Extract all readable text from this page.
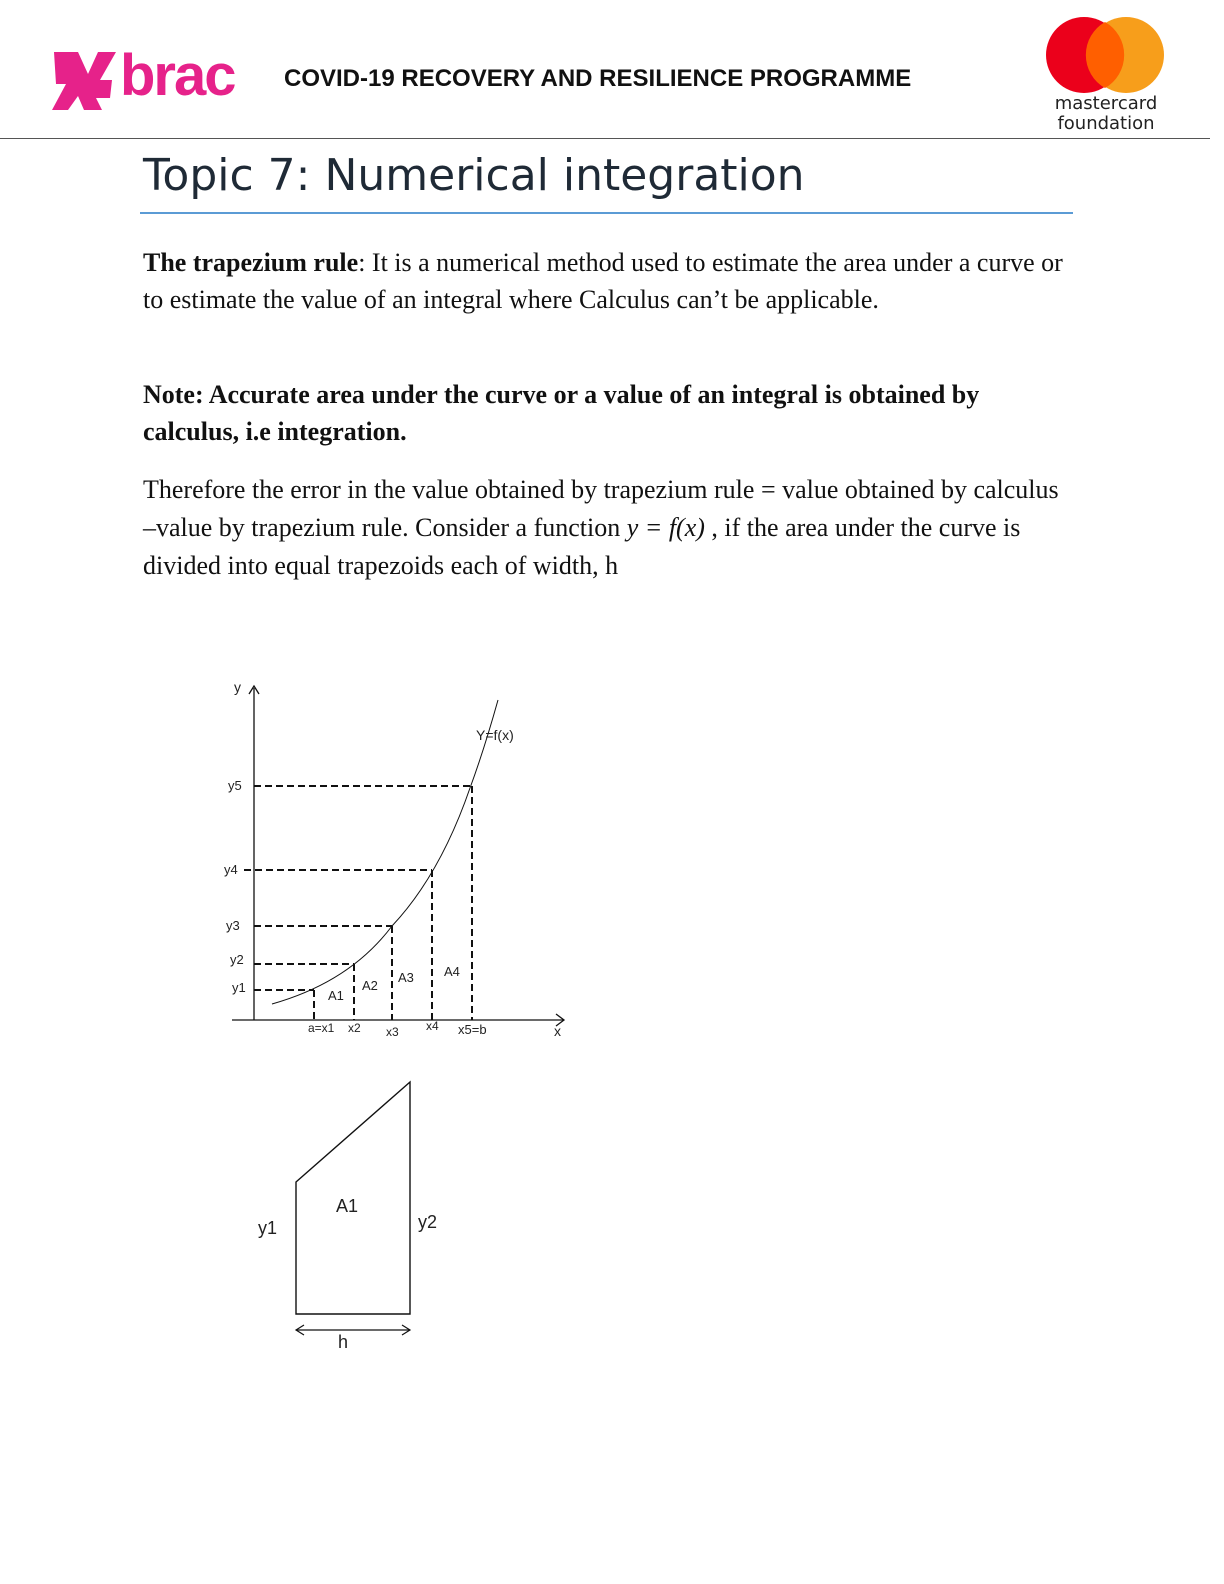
brac COVID-19 RECOVERY AND RESILIENCE PROGRAMME
mastercard
foundation
Topic 7: Numerical integration
The trapezium rule: It is a numerical method used to estimate the area under a curve or to estimate the value of an integral where Calculus can’t be applicable.
Note: Accurate area under the curve or a value of an integral is obtained by calculus, i.e integration.
Therefore the error in the value obtained by trapezium rule = value obtained by calculus –value by trapezium rule. Consider a function y = f(x) , if the area under the curve is divided into equal trapezoids each of width, h
y
x
Y=f(x)
y5
y4
y3
y2
y1
a=x1 x2 x3 x4 x5=b
A1
A2
A3 A4
A1
y1	y2
h
